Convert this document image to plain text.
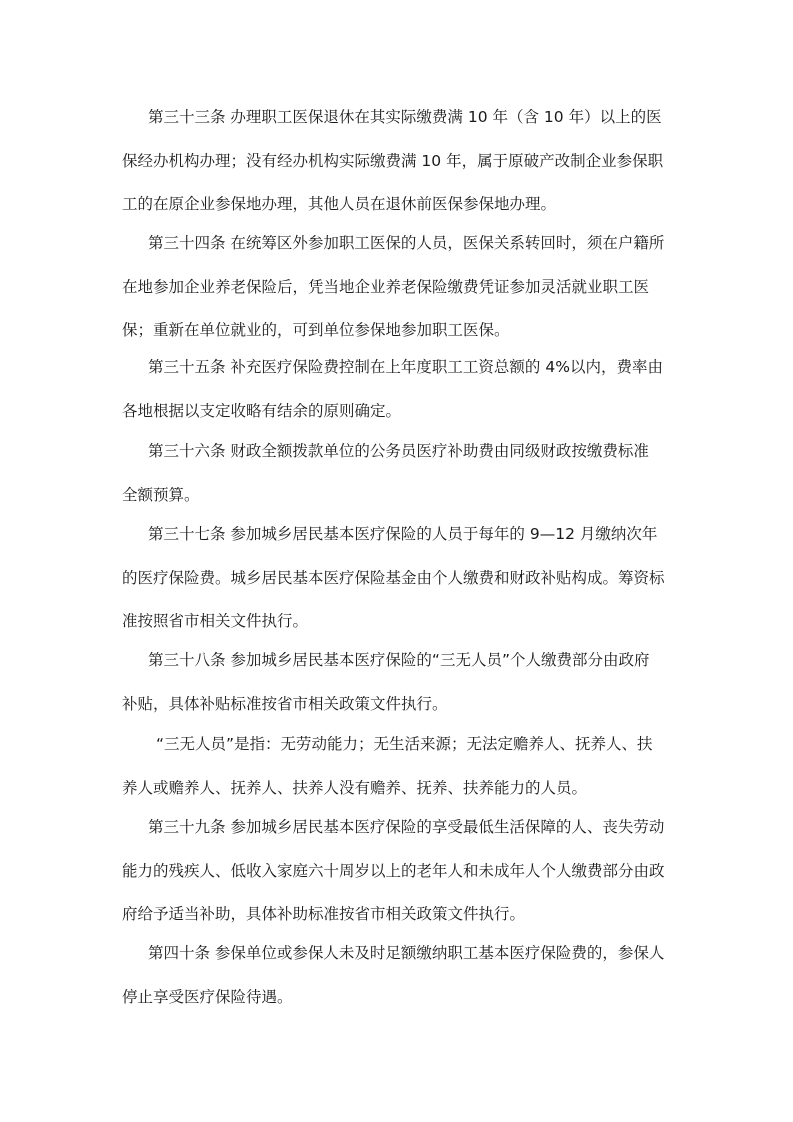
第三十三条 办理职工医保退休在其实际缴费满 10 年（含 10 年）以上的医
保经办机构办理；没有经办机构实际缴费满 10 年，属于原破产改制企业参保职
工的在原企业参保地办理，其他人员在退休前医保参保地办理。

第三十四条 在统筹区外参加职工医保的人员，医保关系转回时，须在户籍所
在地参加企业养老保险后，凭当地企业养老保险缴费凭证参加灵活就业职工医
保；重新在单位就业的，可到单位参保地参加职工医保。

第三十五条 补充医疗保险费控制在上年度职工工资总额的 4%以内，费率由
各地根据以支定收略有结余的原则确定。

第三十六条 财政全额拨款单位的公务员医疗补助费由同级财政按缴费标准
全额预算。

第三十七条 参加城乡居民基本医疗保险的人员于每年的 9—12 月缴纳次年
的医疗保险费。城乡居民基本医疗保险基金由个人缴费和财政补贴构成。筹资标
准按照省市相关文件执行。

第三十八条 参加城乡居民基本医疗保险的“三无人员”个人缴费部分由政府
补贴，具体补贴标准按省市相关政策文件执行。

“三无人员”是指：无劳动能力；无生活来源；无法定赡养人、抚养人、扶
养人或赡养人、抚养人、扶养人没有赡养、抚养、扶养能力的人员。

第三十九条 参加城乡居民基本医疗保险的享受最低生活保障的人、丧失劳动
能力的残疾人、低收入家庭六十周岁以上的老年人和未成年人个人缴费部分由政
府给予适当补助，具体补助标准按省市相关政策文件执行。

第四十条 参保单位或参保人未及时足额缴纳职工基本医疗保险费的，参保人
停止享受医疗保险待遇。
